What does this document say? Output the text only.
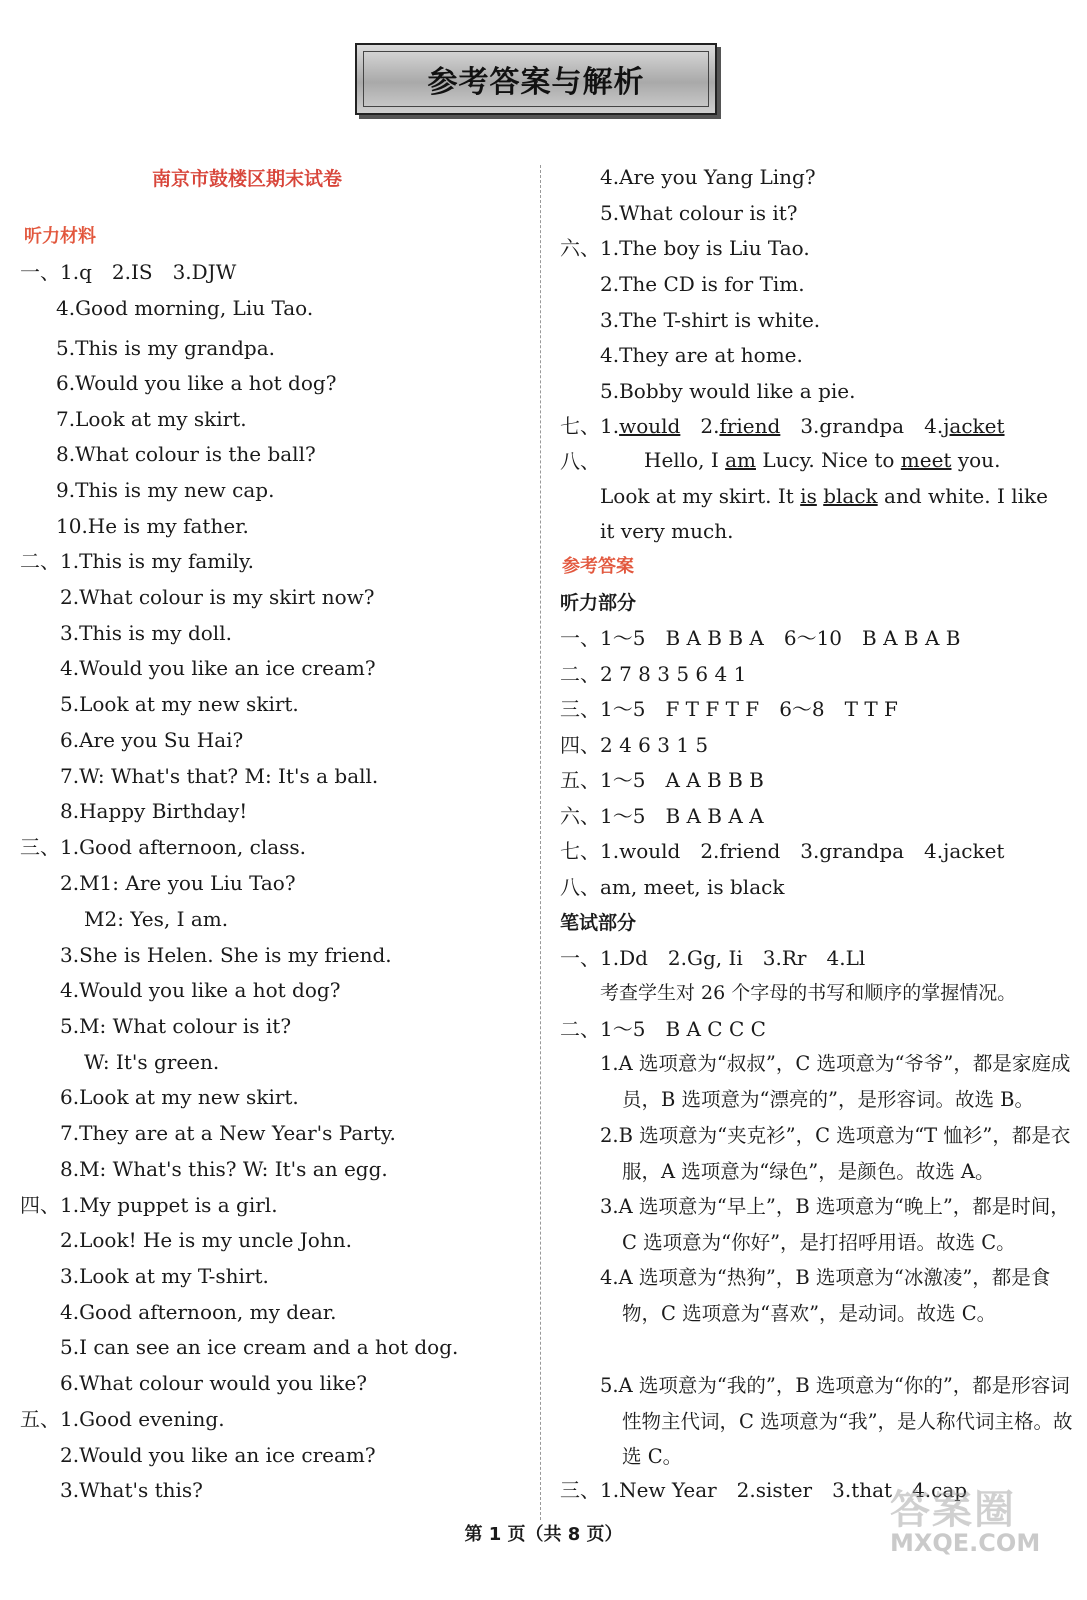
参考答案与解析
南京市鼓楼区期末试卷
听力材料
一、1.q　2.IS　3.DJW
4.Good morning, Liu Tao.
5.This is my grandpa.
6.Would you like a hot dog?
7.Look at my skirt.
8.What colour is the ball?
9.This is my new cap.
10.He is my father.
二、1.This is my family.
2.What colour is my skirt now?
3.This is my doll.
4.Would you like an ice cream?
5.Look at my new skirt.
6.Are you Su Hai?
7.W: What's that? M: It's a ball.
8.Happy Birthday!
三、1.Good afternoon, class.
2.M1: Are you Liu Tao?
M2: Yes, I am.
3.She is Helen. She is my friend.
4.Would you like a hot dog?
5.M: What colour is it?
W: It's green.
6.Look at my new skirt.
7.They are at a New Year's Party.
8.M: What's this? W: It's an egg.
四、1.My puppet is a girl.
2.Look! He is my uncle John.
3.Look at my T-shirt.
4.Good afternoon, my dear.
5.I can see an ice cream and a hot dog.
6.What colour would you like?
五、1.Good evening.
2.Would you like an ice cream?
3.What's this?
4.Are you Yang Ling?
5.What colour is it?
六、1.The boy is Liu Tao.
2.The CD is for Tim.
3.The T-shirt is white.
4.They are at home.
5.Bobby would like a pie.
七、1.would　 2.friend　 3.grandpa　4.jacket
八、	Hello, I am Lucy. Nice to meet you. Look at my skirt. It is black and white. I like it very much.
参考答案
听力部分
一、1～5　B A B B A　6～10　B A B A B
二、2 7 8 3 5 6 4 1
三、1～5　F T F T F　6～8　T T F
四、2 4 6 3 1 5
五、1～5　A A B B B
六、1～5　B A B A A
七、1.would　2.friend　3.grandpa　4.jacket
八、am, meet, is black
笔试部分
一、1.Dd　2.Gg, Ii　3.Rr　4.Ll
考查学生对 26 个字母的书写和顺序的掌握情况。
二、1～5　B A C C C
1.A 选项意为“叔叔”，C 选项意为“爷爷”，都是家庭成员，B 选项意为“漂亮的”，是形容词。故选 B。
2.B 选项意为“夹克衫”，C 选项意为“T 恤衫”，都是衣服，A 选项意为“绿色”，是颜色。故选 A。
3.A 选项意为“早上”，B 选项意为“晚上”，都是时间，C 选项意为“你好”，是打招呼用语。故选 C。
4.A 选项意为“热狗”，B 选项意为“冰激凌”，都是食物，C 选项意为“喜欢”，是动词。故选 C。
5.A 选项意为“我的”，B 选项意为“你的”，都是形容词性物主代词，C 选项意为“我”，是人称代词主格。故选 C。
三、1.New Year　2.sister　3.that　4.cap
第 1 页（共 8 页）
答案圈
MXQE.COM
